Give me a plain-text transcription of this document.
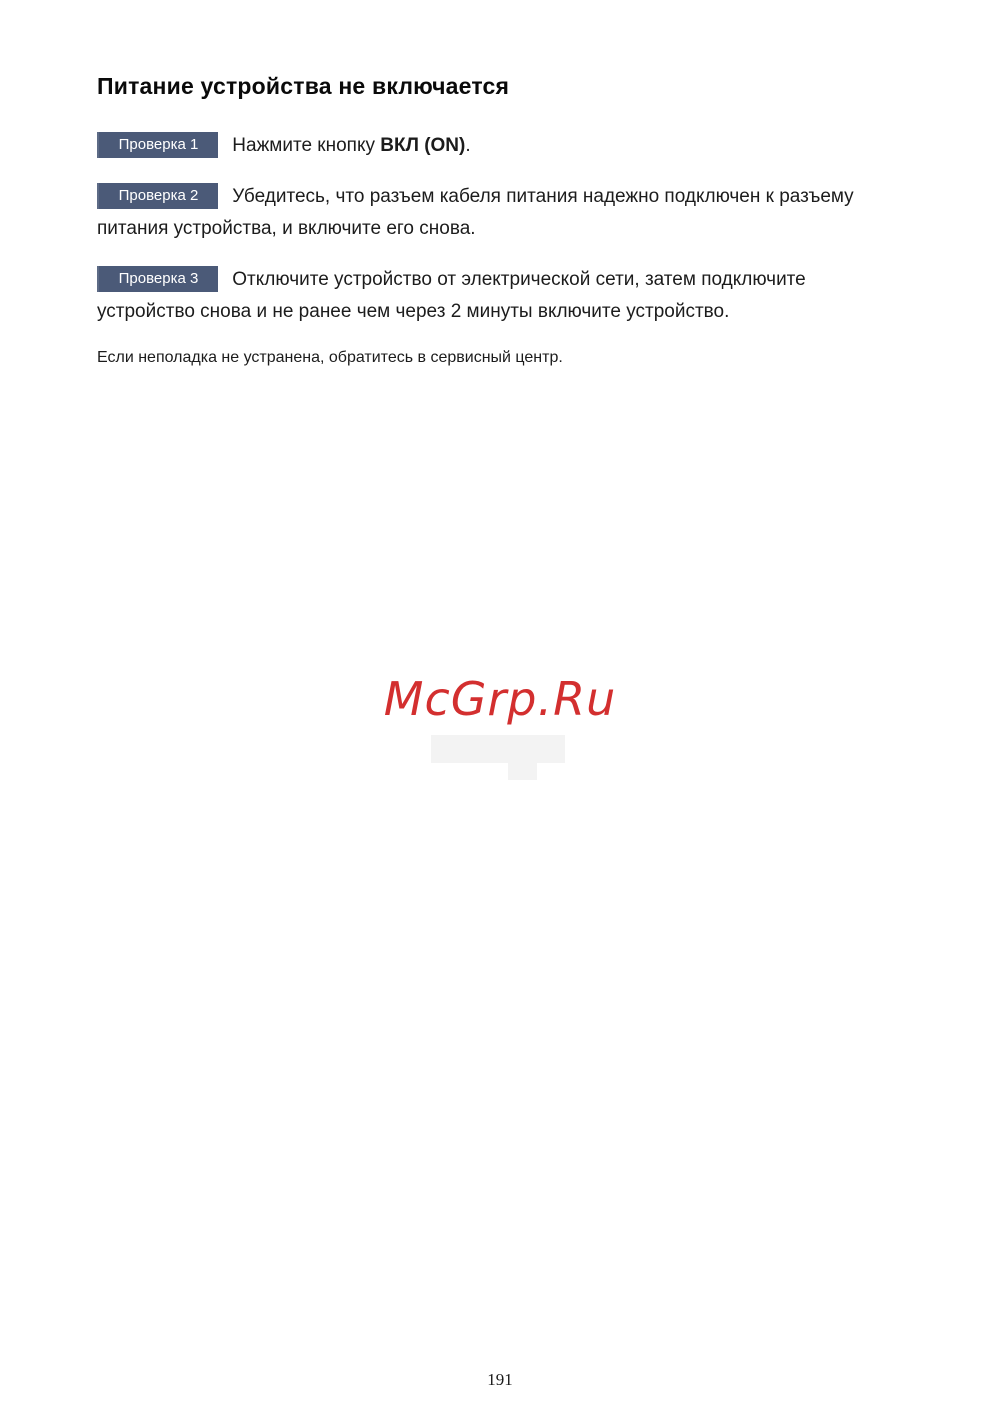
Питание устройства не включается

Проверка 1 Нажмите кнопку ВКЛ (ON).

Проверка 2 Убедитесь, что разъем кабеля питания надежно подключен к разъему питания устройства, и включите его снова.

Проверка 3 Отключите устройство от электрической сети, затем подключите устройство снова и не ранее чем через 2 минуты включите устройство.

Если неполадка не устранена, обратитесь в сервисный центр.

McGrp.Ru
191
